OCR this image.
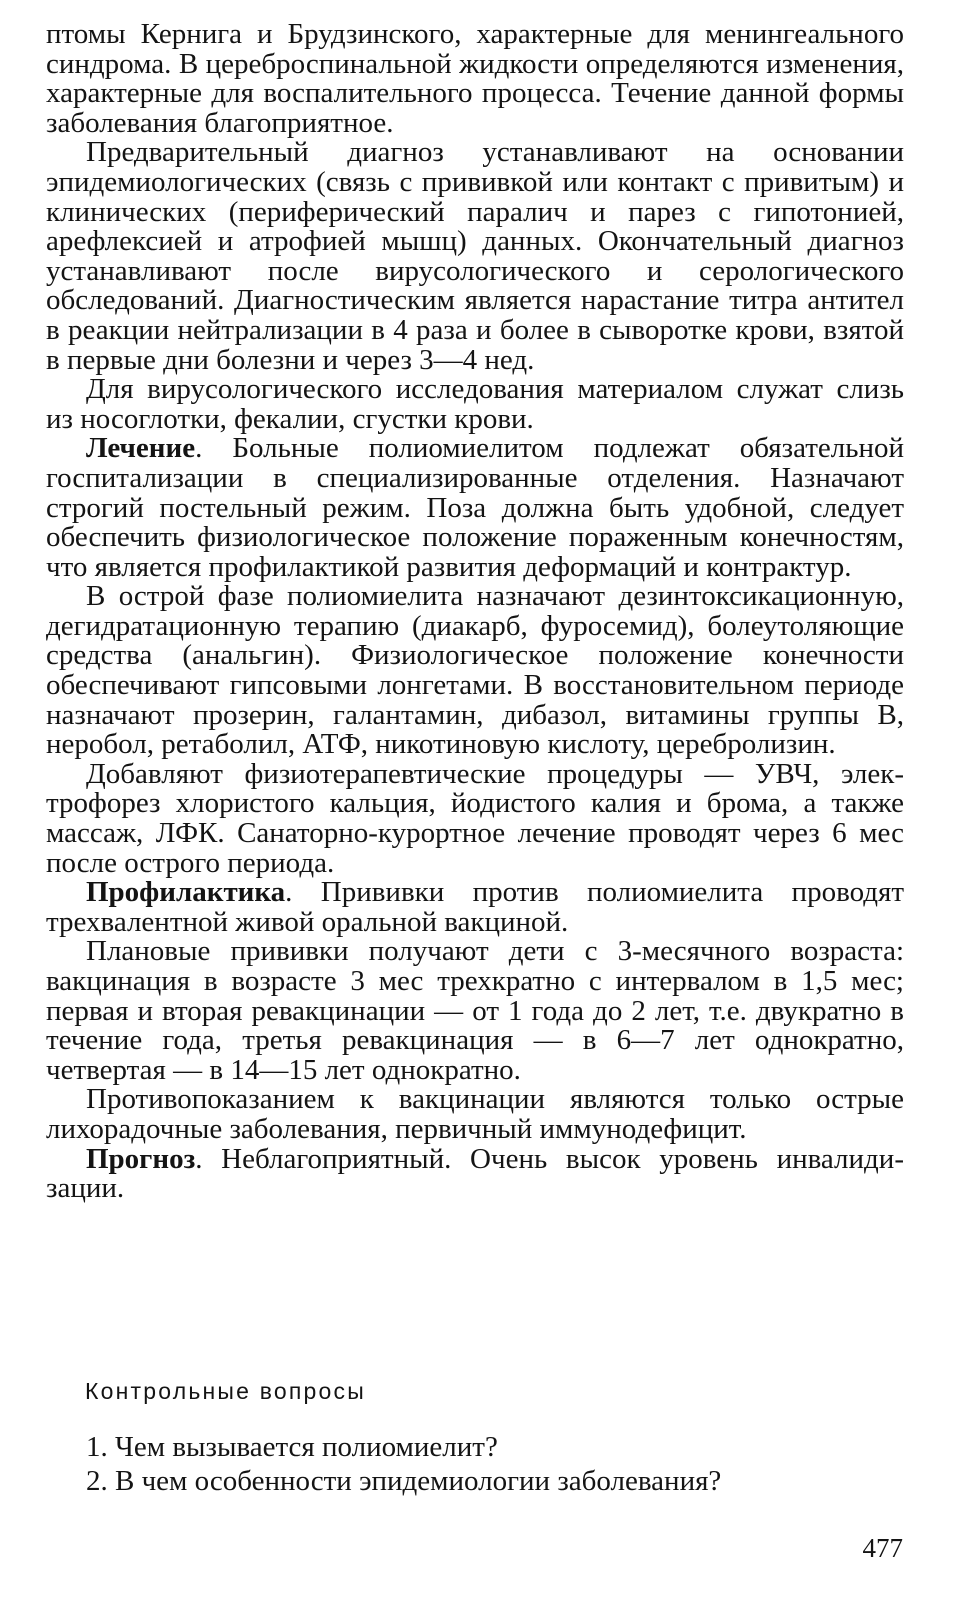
птомы Кернига и Брудзинского, характерные для менингеального синдрома. В цереброспинальной жидкости определяются изменения, характерные для воспалительного процесса. Течение данной формы заболевания благоприятное.

Предварительный диагноз устанавливают на основании эпидемиологических (связь с прививкой или контакт с привитым) и клинических (периферический паралич и парез с гипотонией, арефлексией и атрофией мышц) данных. Окончательный диагноз устанавливают после вирусологического и серологического обследований. Диагностическим является нарастание титра антител в реакции нейтрализации в 4 раза и более в сыворотке крови, взятой в первые дни болезни и через 3—4 нед.

Для вирусологического исследования материалом служат слизь из носоглотки, фекалии, сгустки крови.

Лечение. Больные полиомиелитом подлежат обязательной госпитализации в специализированные отделения. Назначают строгий постельный режим. Поза должна быть удобной, следует обеспечить физиологическое положение пораженным конечностям, что является профилактикой развития деформаций и контрактур.

В острой фазе полиомиелита назначают дезинтоксикационную, дегидратационную терапию (диакарб, фуросемид), болеутоляющие средства (анальгин). Физиологическое положение конечности обеспечивают гипсовыми лонгетами. В восстановительном периоде назначают прозерин, галантамин, дибазол, витамины группы В, неробол, ретаболил, АТФ, никотиновую кислоту, церебролизин.

Добавляют физиотерапевтические процедуры — УВЧ, электрофорез хлористого кальция, йодистого калия и брома, а также массаж, ЛФК. Санаторно-курортное лечение проводят через 6 мес после острого периода.

Профилактика. Прививки против полиомиелита проводят трехвалентной живой оральной вакциной.

Плановые прививки получают дети с 3-месячного возраста: вакцинация в возрасте 3 мес трехкратно с интервалом в 1,5 мес; первая и вторая ревакцинации — от 1 года до 2 лет, т.е. двукратно в течение года, третья ревакцинация — в 6—7 лет однократно, четвертая — в 14—15 лет однократно.

Противопоказанием к вакцинации являются только острые лихорадочные заболевания, первичный иммунодефицит.

Прогноз. Неблагоприятный. Очень высок уровень инвалидизации.

Контрольные вопросы
1. Чем вызывается полиомиелит?
2. В чем особенности эпидемиологии заболевания?
477
